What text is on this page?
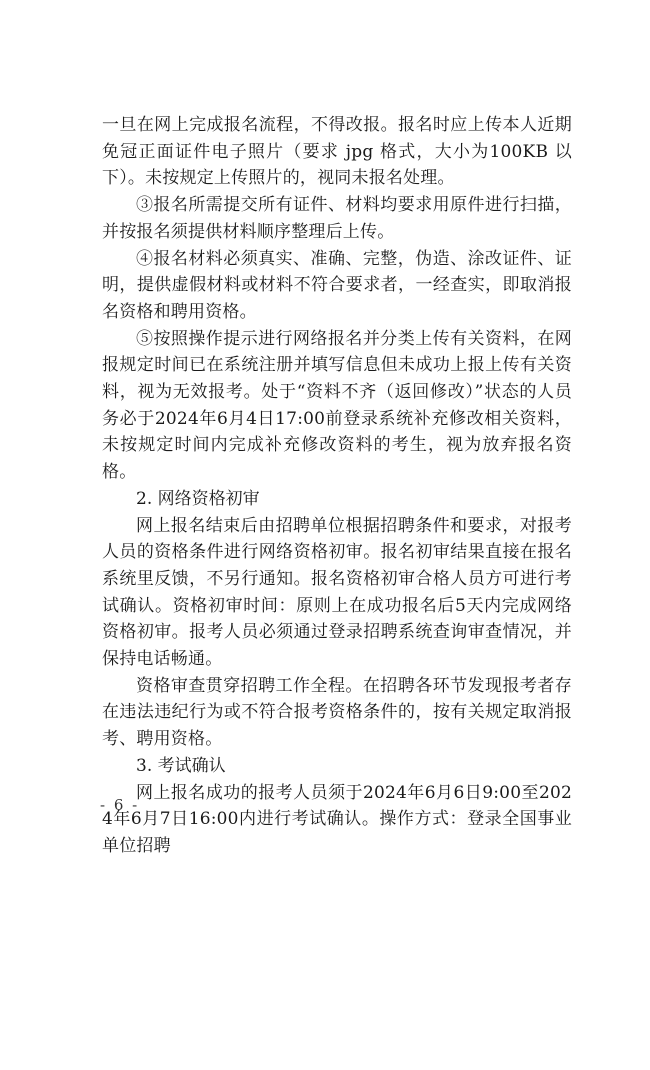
一旦在网上完成报名流程，不得改报。报名时应上传本人近期免冠正面证件电子照片（要求 jpg 格式，大小为100KB 以下）。未按规定上传照片的，视同未报名处理。

③报名所需提交所有证件、材料均要求用原件进行扫描，并按报名须提供材料顺序整理后上传。

④报名材料必须真实、准确、完整，伪造、涂改证件、证明，提供虚假材料或材料不符合要求者，一经查实，即取消报名资格和聘用资格。

⑤按照操作提示进行网络报名并分类上传有关资料，在网报规定时间已在系统注册并填写信息但未成功上报上传有关资料，视为无效报考。处于“资料不齐（返回修改）”状态的人员务必于2024年6月4日17:00前登录系统补充修改相关资料，未按规定时间内完成补充修改资料的考生，视为放弃报名资格。

2. 网络资格初审

网上报名结束后由招聘单位根据招聘条件和要求，对报考人员的资格条件进行网络资格初审。报名初审结果直接在报名系统里反馈，不另行通知。报名资格初审合格人员方可进行考试确认。资格初审时间：原则上在成功报名后5天内完成网络资格初审。报考人员必须通过登录招聘系统查询审查情况，并保持电话畅通。

资格审查贯穿招聘工作全程。在招聘各环节发现报考者存在违法违纪行为或不符合报考资格条件的，按有关规定取消报考、聘用资格。

3. 考试确认

网上报名成功的报考人员须于2024年6月6日9:00至2024年6月7日16:00内进行考试确认。操作方式：登录全国事业单位招聘

- 6 -
